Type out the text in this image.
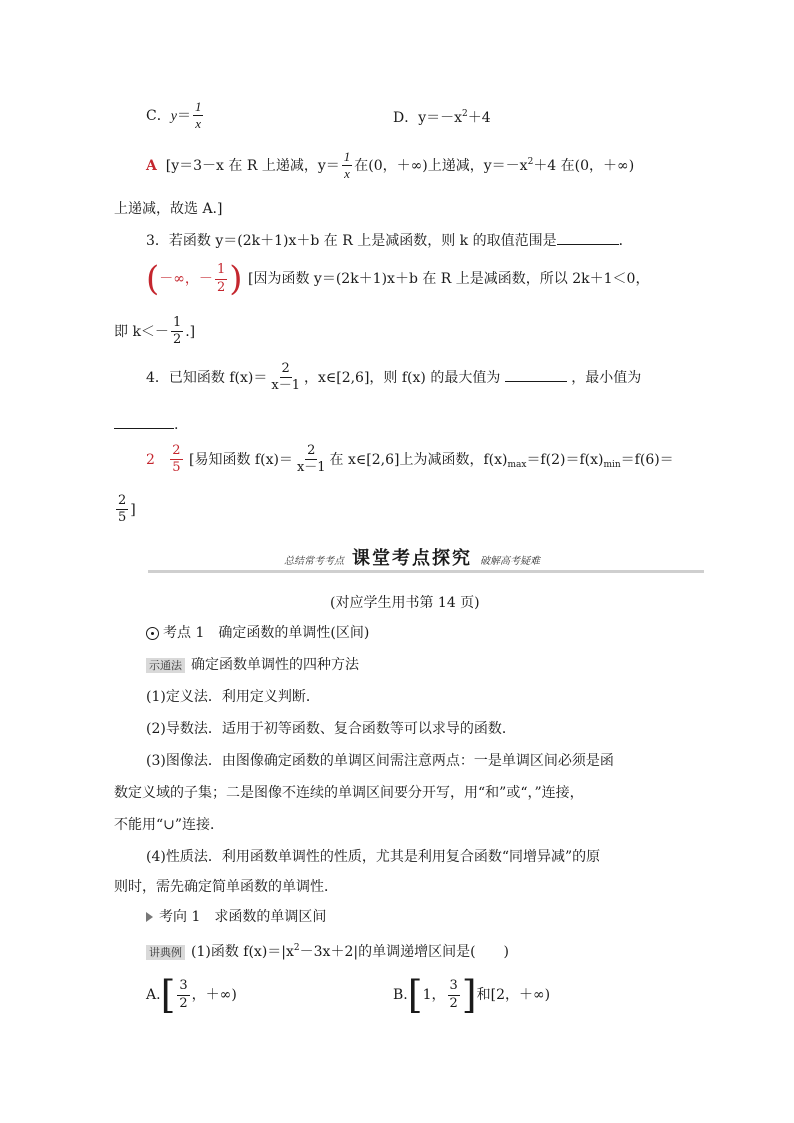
C．$y= \frac{1}{x}$	D．$y=-x^2+4$
A [y＝3－x 在 R 上递减，$y= \frac{1}{x}$ 在(0，＋∞)上递减，$y=-x^2+4$ 在(0，＋∞)
上递减，故选 A.]
3．若函数 y＝(2k＋1)x＋b 在 R 上是减函数，则 k 的取值范围是	．
(－∞，－ $\frac{1}{2}$ ) [因为函数 y＝(2k＋1)x＋b 在 R 上是减函数，所以 2k＋1＜0，
即 $k<- \frac{1}{2}$ .]
4．已知函数 $f(x)= \frac{2}{x-1}$ ，x∈[2,6]，则 f(x) 的最大值为	，最小值为
.
$2 \frac{2}{5}$ [易知函数 $f(x)= \frac{2}{x-1}$ 在 x∈[2,6]上为减函数，$f(x)_{max}=f(2)=f(x)_{min}=f(6)=$
$\frac{2}{5}$ ]
总结常考考点 课堂考点探究 破解高考疑难
(对应学生用书第 14 页)
考点 1　确定函数的单调性(区间)
示通法 确定函数单调性的四种方法
(1)定义法．利用定义判断．
(2)导数法．适用于初等函数、复合函数等可以求导的函数．
(3)图像法．由图像确定函数的单调区间需注意两点：一是单调区间必须是函
数定义域的子集；二是图像不连续的单调区间要分开写，用“和”或“，”连接，
不能用“∪”连接．
(4)性质法．利用函数单调性的性质，尤其是利用复合函数“同增异减”的原
则时，需先确定简单函数的单调性．
考向 1　求函数的单调区间
讲典例 (1)函数 $f(x)=|x^2-3x+2|$的单调递增区间是(　　)
$A.[ \frac{3}{2}$ ，＋∞)	B.[1， $\frac{3}{2}$ ]和[2，＋∞)
